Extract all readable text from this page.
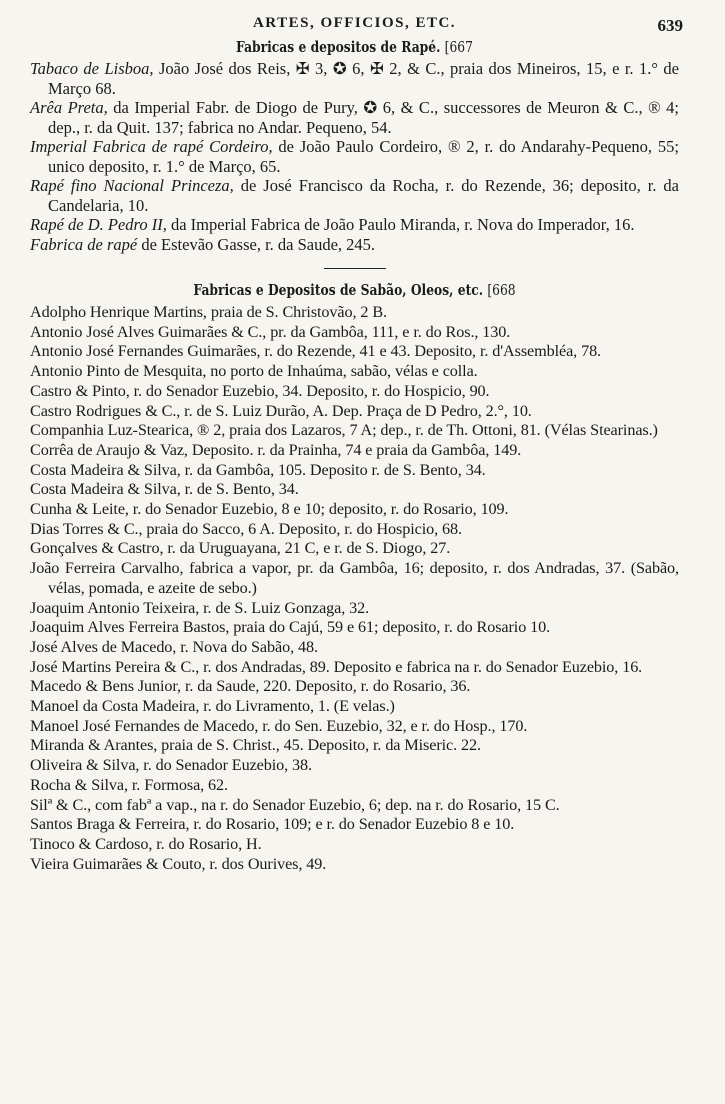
ARTES, OFFICIOS, ETC.	639
Fabricas e depositos de Rapé. [667
Tabaco de Lisboa, João José dos Reis, ✠ 3, ✪ 6, ✠ 2, & C., praia dos Mineiros, 15, e r. 1.° de Março 68.
Arêa Preta, da Imperial Fabr. de Diogo de Pury, ✪ 6, & C., successores de Meuron & C., ® 4; dep., r. da Quit. 137; fabrica no Andar. Pequeno, 54.
Imperial Fabrica de rapé Cordeiro, de João Paulo Cordeiro, ® 2, r. do Andarahy-Pequeno, 55; unico deposito, r. 1.° de Março, 65.
Rapé fino Nacional Princeza, de José Francisco da Rocha, r. do Rezende, 36; deposito, r. da Candelaria, 10.
Rapé de D. Pedro II, da Imperial Fabrica de João Paulo Miranda, r. Nova do Imperador, 16.
Fabrica de rapé de Estevão Gasse, r. da Saude, 245.
Fabricas e Depositos de Sabão, Oleos, etc. [668
Adolpho Henrique Martins, praia de S. Christovão, 2 B.
Antonio José Alves Guimarães & C., pr. da Gambôa, 111, e r. do Ros., 130.
Antonio José Fernandes Guimarães, r. do Rezende, 41 e 43. Deposito, r. d'Assembléa, 78.
Antonio Pinto de Mesquita, no porto de Inhaúma, sabão, vélas e colla.
Castro & Pinto, r. do Senador Euzebio, 34. Deposito, r. do Hospicio, 90.
Castro Rodrigues & C., r. de S. Luiz Durão, A. Dep. Praça de D Pedro, 2.°, 10.
Companhia Luz-Stearica, ® 2, praia dos Lazaros, 7 A; dep., r. de Th. Ottoni, 81. (Vélas Stearinas.)
Corrêa de Araujo & Vaz, Deposito. r. da Prainha, 74 e praia da Gambôa, 149.
Costa Madeira & Silva, r. da Gambôa, 105. Deposito r. de S. Bento, 34.
Costa Madeira & Silva, r. de S. Bento, 34.
Cunha & Leite, r. do Senador Euzebio, 8 e 10; deposito, r. do Rosario, 109.
Dias Torres & C., praia do Sacco, 6 A. Deposito, r. do Hospicio, 68.
Gonçalves & Castro, r. da Uruguayana, 21 C, e r. de S. Diogo, 27.
João Ferreira Carvalho, fabrica a vapor, pr. da Gambôa, 16; deposito, r. dos Andradas, 37. (Sabão, vélas, pomada, e azeite de sebo.)
Joaquim Antonio Teixeira, r. de S. Luiz Gonzaga, 32.
Joaquim Alves Ferreira Bastos, praia do Cajú, 59 e 61; deposito, r. do Rosario 10.
José Alves de Macedo, r. Nova do Sabão, 48.
José Martins Pereira & C., r. dos Andradas, 89. Deposito e fabrica na r. do Senador Euzebio, 16.
Macedo & Bens Junior, r. da Saude, 220. Deposito, r. do Rosario, 36.
Manoel da Costa Madeira, r. do Livramento, 1. (E velas.)
Manoel José Fernandes de Macedo, r. do Sen. Euzebio, 32, e r. do Hosp., 170.
Miranda & Arantes, praia de S. Christ., 45. Deposito, r. da Miseric. 22.
Oliveira & Silva, r. do Senador Euzebio, 38.
Rocha & Silva, r. Formosa, 62.
Silª & C., com fabª a vap., na r. do Senador Euzebio, 6; dep. na r. do Rosario, 15 C.
Santos Braga & Ferreira, r. do Rosario, 109; e r. do Senador Euzebio 8 e 10.
Tinoco & Cardoso, r. do Rosario, H.
Vieira Guimarães & Couto, r. dos Ourives, 49.
